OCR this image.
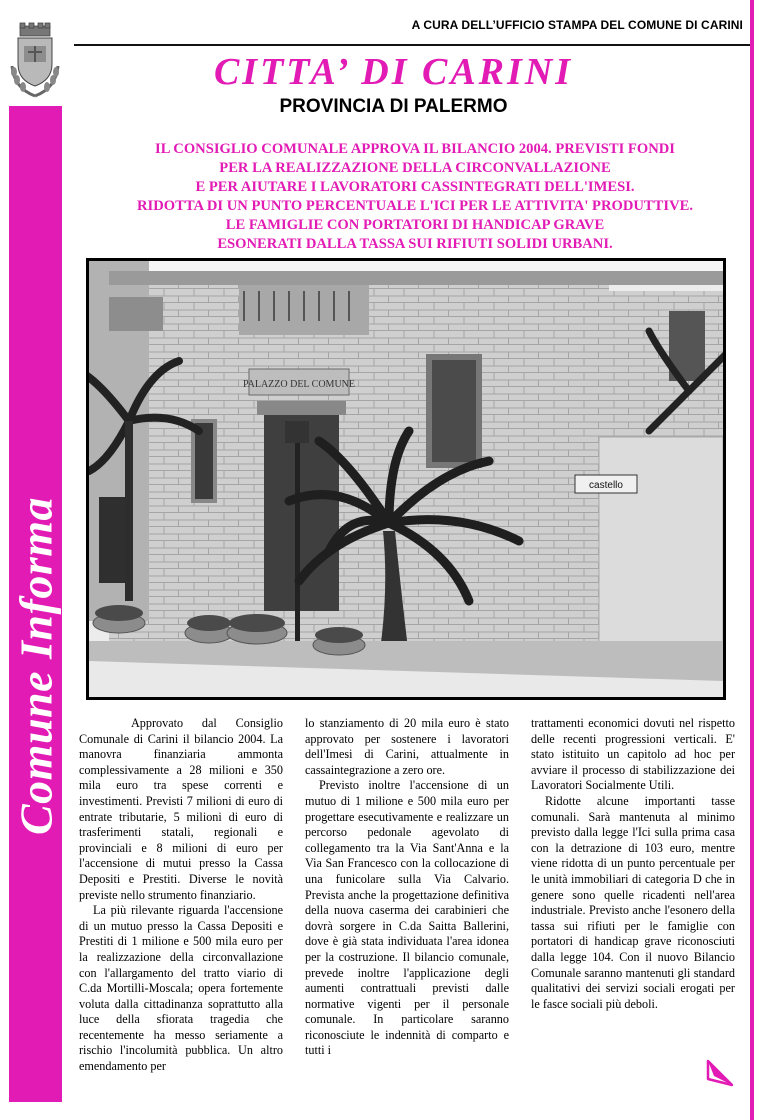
A CURA DELL’UFFICIO STAMPA DEL COMUNE DI CARINI
Comune Informa
CITTA’ DI CARINI
PROVINCIA DI PALERMO
IL CONSIGLIO COMUNALE APPROVA IL BILANCIO 2004. PREVISTI FONDI
PER LA REALIZZAZIONE DELLA CIRCONVALLAZIONE
E PER AIUTARE I LAVORATORI CASSINTEGRATI DELL'IMESI.
RIDOTTA DI UN PUNTO PERCENTUALE L'ICI PER LE ATTIVITA' PRODUTTIVE.
LE FAMIGLIE CON PORTATORI DI HANDICAP GRAVE
ESONERATI DALLA TASSA SUI RIFIUTI SOLIDI URBANI.
PALAZZO DEL COMUNE
castello

Approvato dal Consiglio Comunale di Carini il bilancio 2004. La manovra finanziaria ammonta complessivamente a 28 milioni e 350 mila euro tra spese correnti e investimenti. Previsti 7 milioni di euro di entrate tributarie, 5 milioni di euro di trasferimenti statali, regionali e provinciali e 8 milioni di euro per l'accensione di mutui presso la Cassa Depositi e Prestiti. Diverse le novità previste nello strumento finanziario.

La più rilevante riguarda l'accensione di un mutuo presso la Cassa Depositi e Prestiti di 1 milione e 500 mila euro per la realizzazione della circonvallazione con l'allargamento del tratto viario di C.da Mortilli-Moscala; opera fortemente voluta dalla cittadinanza soprattutto alla luce della sfiorata tragedia che recentemente ha messo seriamente a rischio l'incolumità pubblica. Un altro emendamento per

lo stanziamento di 20 mila euro è stato approvato per sostenere i lavoratori dell'Imesi di Carini, attualmente in cassaintegrazione a zero ore.

Previsto inoltre l'accensione di un mutuo di 1 milione e 500 mila euro per progettare esecutivamente e realizzare un percorso pedonale agevolato di collegamento tra la Via Sant'Anna e la Via San Francesco con la collocazione di una funicolare sulla Via Calvario. Prevista anche la progettazione definitiva della nuova caserma dei carabinieri che dovrà sorgere in C.da Saitta Ballerini, dove è già stata individuata l'area idonea per la costruzione. Il bilancio comunale, prevede inoltre l'applicazione degli aumenti contrattuali previsti dalle normative vigenti per il personale comunale. In particolare saranno riconosciute le indennità di comparto e tutti i

trattamenti economici dovuti nel rispetto delle recenti progressioni verticali. E' stato istituito un capitolo ad hoc per avviare il processo di stabilizzazione dei Lavoratori Socialmente Utili.

Ridotte alcune importanti tasse comunali. Sarà mantenuta al minimo previsto dalla legge l'Ici sulla prima casa con la detrazione di 103 euro, mentre viene ridotta di un punto percentuale per le unità immobiliari di categoria D che in genere sono quelle ricadenti nell'area industriale. Previsto anche l'esonero della tassa sui rifiuti per le famiglie con portatori di handicap grave riconosciuti dalla legge 104. Con il nuovo Bilancio Comunale saranno mantenuti gli standard qualitativi dei servizi sociali erogati per le fasce sociali più deboli.
